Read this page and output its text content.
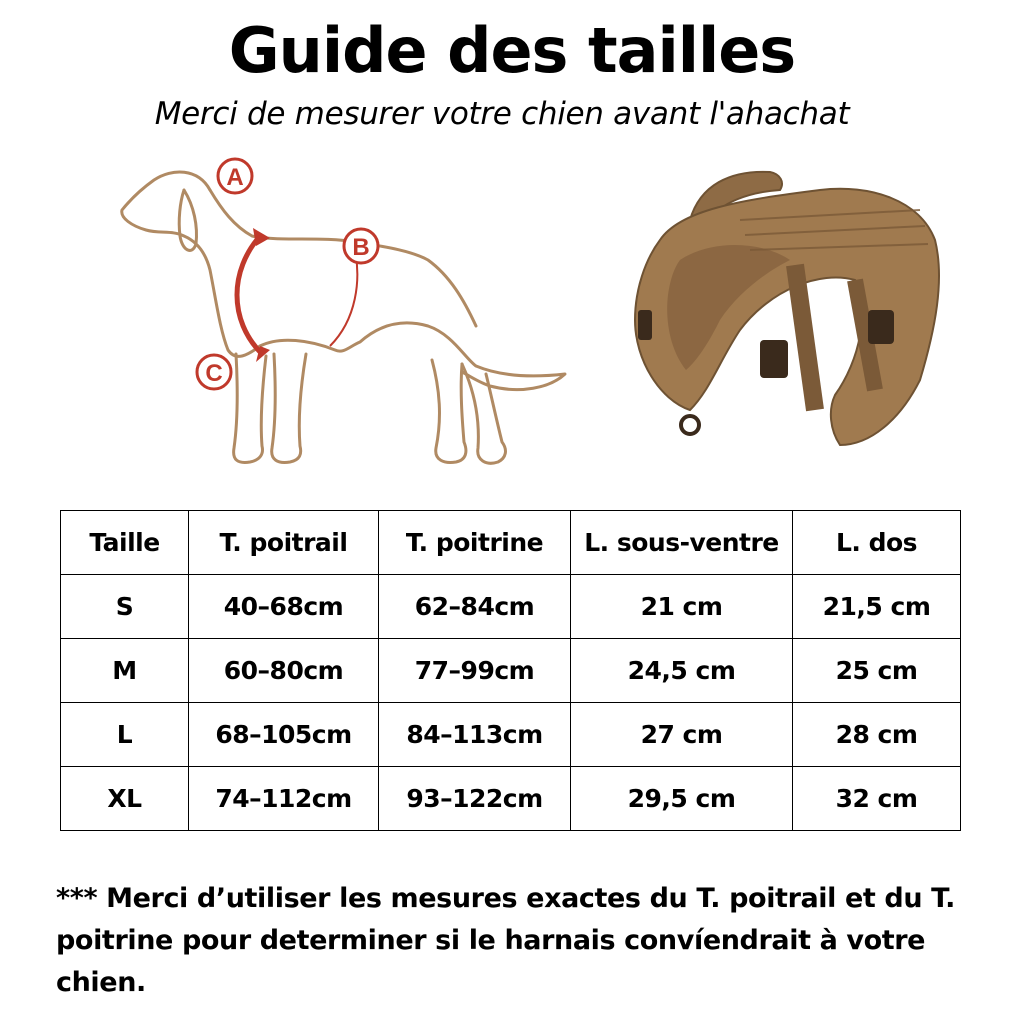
Guide des tailles

Merci de mesurer votre chien avant l'ahachat

A
B
C
Taille	T. poitrail	T. poitrine	L. sous-ventre	L. dos
S	40–68cm	62–84cm	21 cm	21,5 cm
M	60–80cm	77–99cm	24,5 cm	25 cm
L	68–105cm	84–113cm	27 cm	28 cm
XL	74–112cm	93–122cm	29,5 cm	32 cm

*** Merci d’utiliser les mesures exactes du T. poitrail et du T. poitrine pour determiner si le harnais convíendrait à votre chien.
